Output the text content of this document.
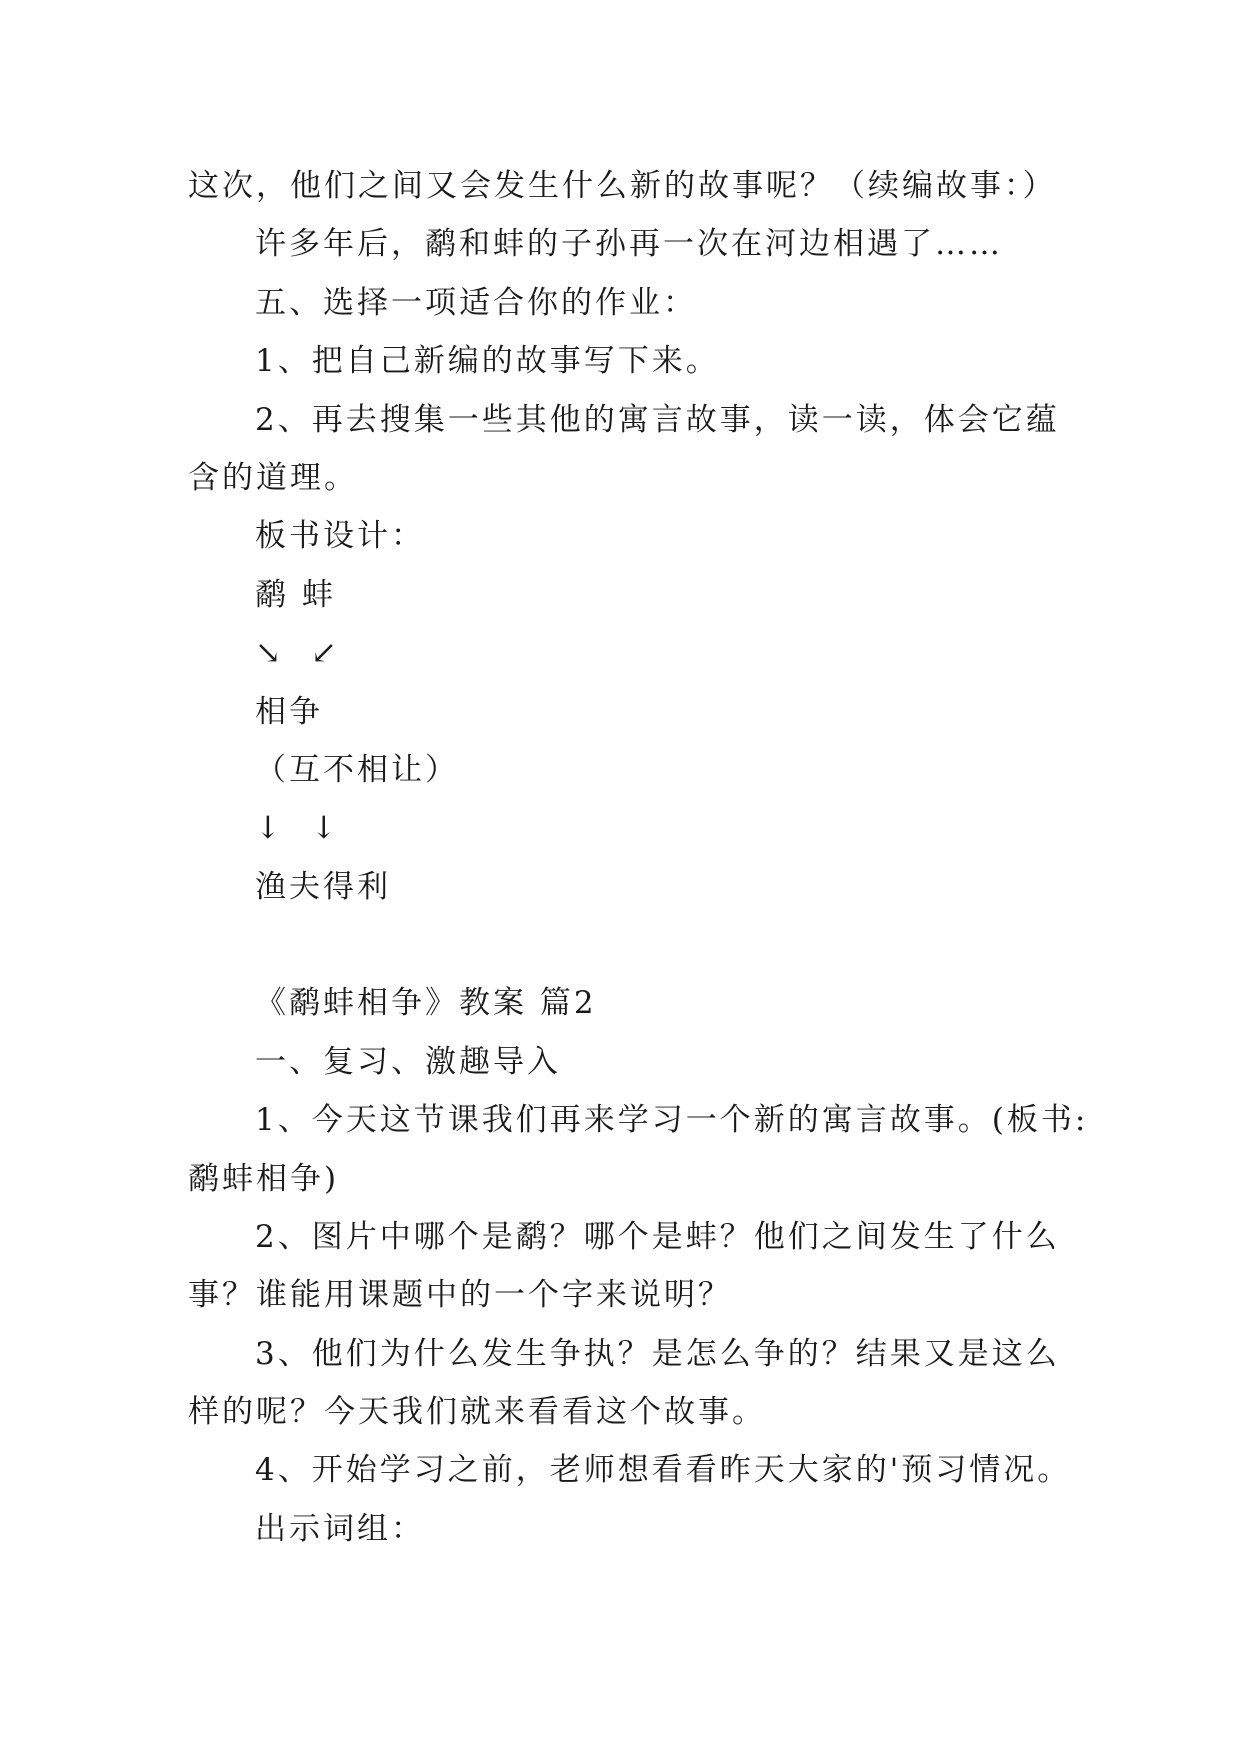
这次，他们之间又会发生什么新的故事呢？（续编故事：）

许多年后，鹬和蚌的子孙再一次在河边相遇了……

五、选择一项适合你的作业：

1、把自己新编的故事写下来。

2、再去搜集一些其他的寓言故事，读一读，体会它蕴

含的道理。

板书设计：

鹬 蚌

↘ ↙

相争

（互不相让）

↓ ↓

渔夫得利

《鹬蚌相争》教案 篇2

一、复习、激趣导入

1、今天这节课我们再来学习一个新的寓言故事。(板书:

鹬蚌相争)

2、图片中哪个是鹬？哪个是蚌？他们之间发生了什么

事？谁能用课题中的一个字来说明？

3、他们为什么发生争执？是怎么争的？结果又是这么

样的呢？今天我们就来看看这个故事。

4、开始学习之前，老师想看看昨天大家的'预习情况。

出示词组：
